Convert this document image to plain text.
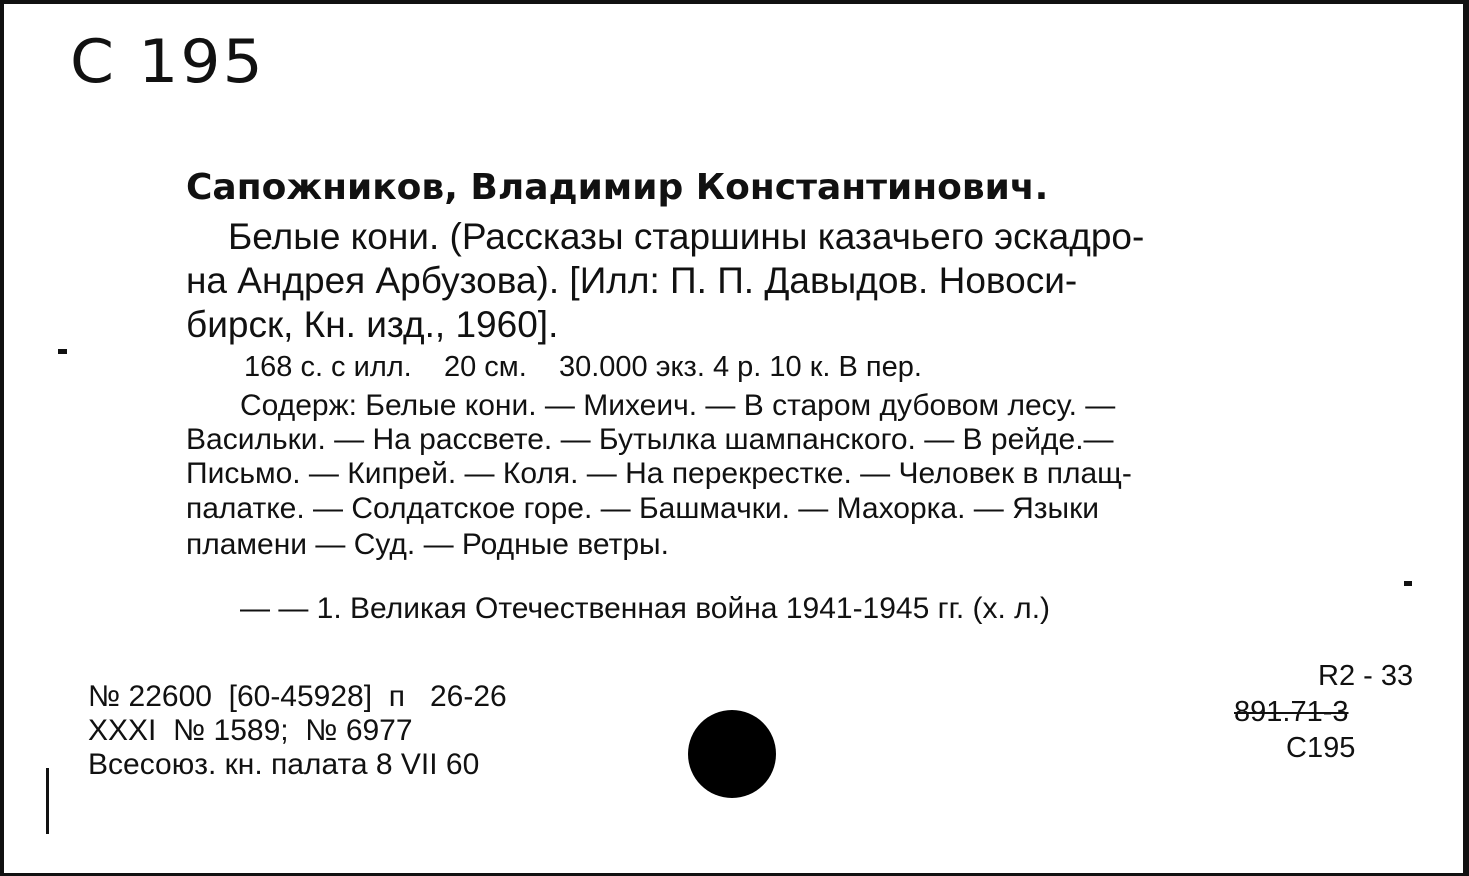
C 195
Сапожников, Владимир Константинович.
Белые кони. (Рассказы старшины казачьего эскадро-
на Андрея Арбузова). [Илл: П. П. Давыдов. Новоси-
бирск, Кн. изд., 1960].
168 с. с илл.    20 см.    30.000 экз. 4 р. 10 к. В пер.
Содерж: Белые кони. — Михеич. — В старом дубовом лесу. —
Васильки. — На рассвете. — Бутылка шампанского. — В рейде.—
Письмо. — Кипрей. — Коля. — На перекрестке. — Человек в плащ-
палатке. — Солдатское горе. — Башмачки. — Махорка. — Языки
пламени — Суд. — Родные ветры.
— — 1. Великая Отечественная война 1941-1945 гг. (х. л.)
№ 22600  [60-45928]  п   26-26
XXXI  № 1589;  № 6977
Всесоюз. кн. палата 8 VII 60
R2 - 33
891.71-3
C195
